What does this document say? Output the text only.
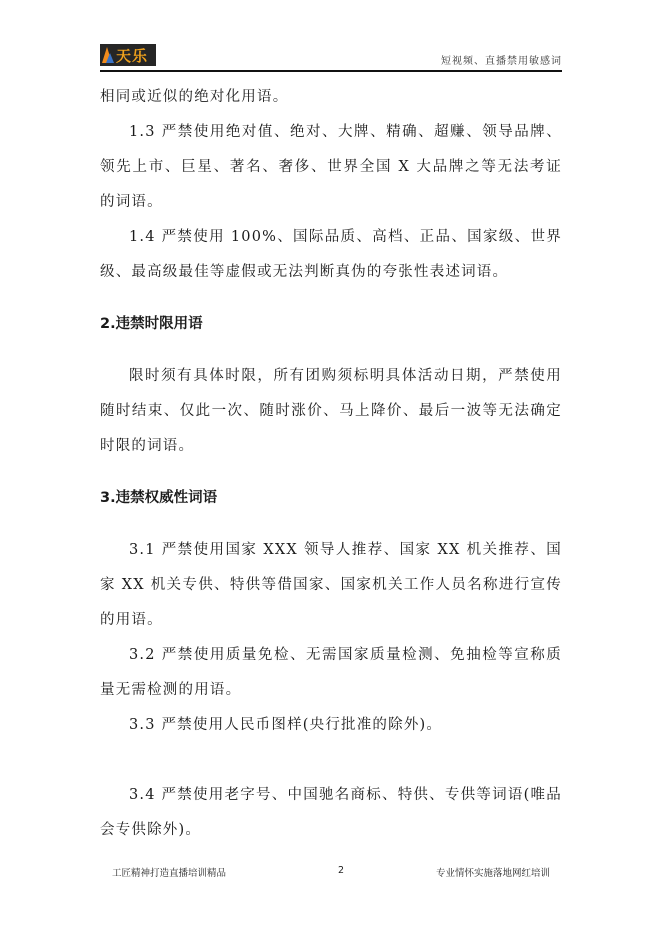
天乐	短视频、直播禁用敏感词

相同或近似的绝对化用语。

1.3 严禁使用绝对值、绝对、大牌、精确、超赚、领导品牌、领先上市、巨星、著名、奢侈、世界全国 X 大品牌之等无法考证的词语。

1.4 严禁使用 100%、国际品质、高档、正品、国家级、世界级、最高级最佳等虚假或无法判断真伪的夸张性表述词语。

2.违禁时限用语

限时须有具体时限，所有团购须标明具体活动日期，严禁使用随时结束、仅此一次、随时涨价、马上降价、最后一波等无法确定时限的词语。

3.违禁权威性词语

3.1 严禁使用国家 XXX 领导人推荐、国家 XX 机关推荐、国家 XX 机关专供、特供等借国家、国家机关工作人员名称进行宣传的用语。

3.2 严禁使用质量免检、无需国家质量检测、免抽检等宣称质量无需检测的用语。

3.3 严禁使用人民币图样(央行批准的除外)。

3.4 严禁使用老字号、中国驰名商标、特供、专供等词语(唯品会专供除外)。

工匠精神打造直播培训精品	2	专业情怀实施落地网红培训
